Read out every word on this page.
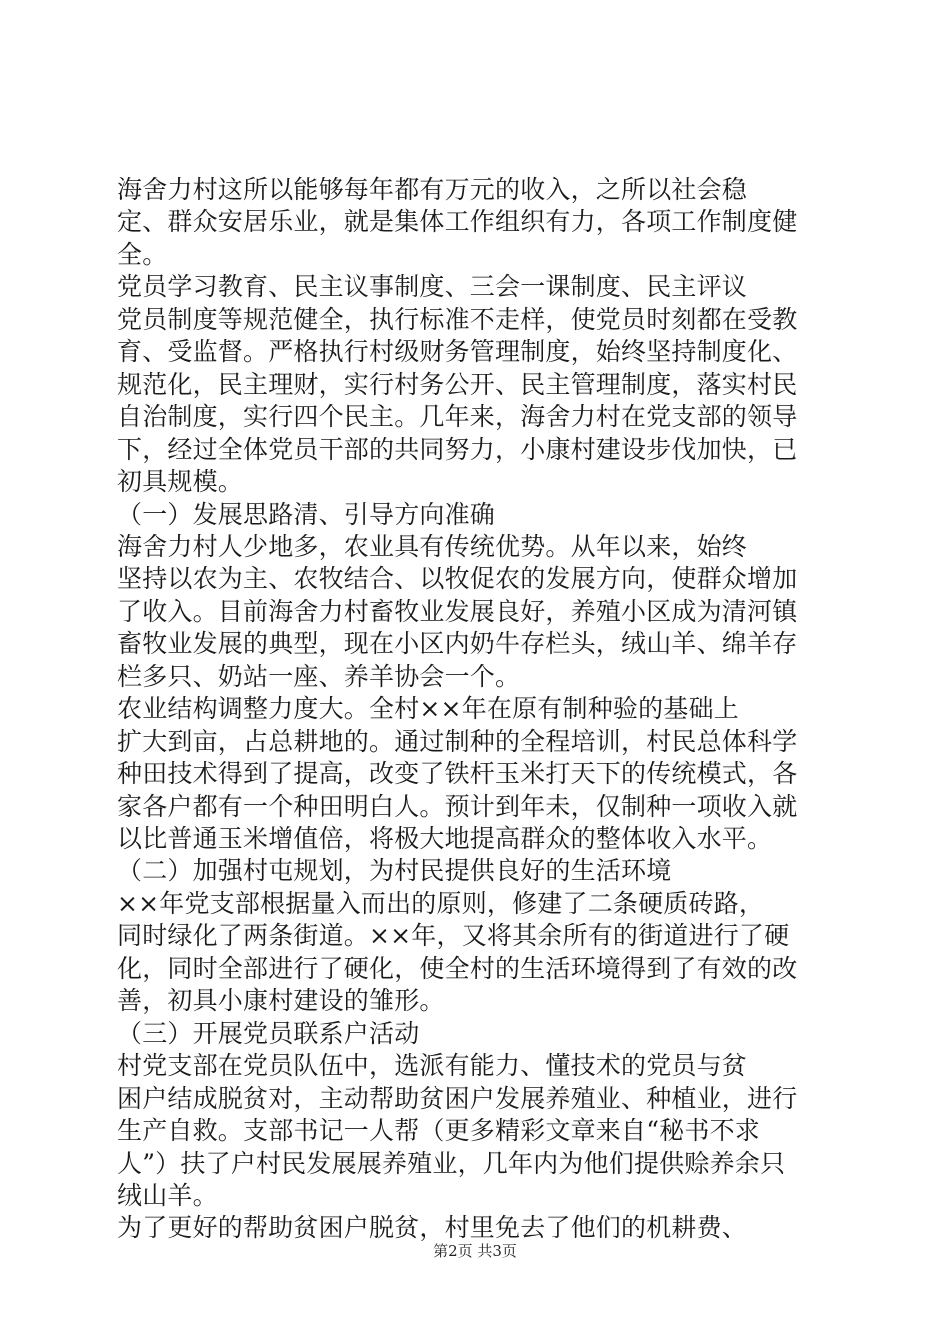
海舍力村这所以能够每年都有万元的收入，之所以社会稳

定、群众安居乐业，就是集体工作组织有力，各项工作制度健

全。

党员学习教育、民主议事制度、三会一课制度、民主评议

党员制度等规范健全，执行标准不走样，使党员时刻都在受教

育、受监督。严格执行村级财务管理制度，始终坚持制度化、

规范化，民主理财，实行村务公开、民主管理制度，落实村民

自治制度，实行四个民主。几年来，海舍力村在党支部的领导

下，经过全体党员干部的共同努力，小康村建设步伐加快，已

初具规模。

（一）发展思路清、引导方向准确

海舍力村人少地多，农业具有传统优势。从年以来，始终

坚持以农为主、农牧结合、以牧促农的发展方向，使群众增加

了收入。目前海舍力村畜牧业发展良好，养殖小区成为清河镇

畜牧业发展的典型，现在小区内奶牛存栏头，绒山羊、绵羊存

栏多只、奶站一座、养羊协会一个。

农业结构调整力度大。全村××年在原有制种验的基础上

扩大到亩，占总耕地的。通过制种的全程培训，村民总体科学

种田技术得到了提高，改变了铁杆玉米打天下的传统模式，各

家各户都有一个种田明白人。预计到年未，仅制种一项收入就

以比普通玉米增值倍，将极大地提高群众的整体收入水平。

（二）加强村屯规划，为村民提供良好的生活环境

××年党支部根据量入而出的原则，修建了二条硬质砖路，

同时绿化了两条街道。××年，又将其余所有的街道进行了硬

化，同时全部进行了硬化，使全村的生活环境得到了有效的改

善，初具小康村建设的雏形。

（三）开展党员联系户活动

村党支部在党员队伍中，选派有能力、懂技术的党员与贫

困户结成脱贫对，主动帮助贫困户发展养殖业、种植业，进行

生产自救。支部书记一人帮（更多精彩文章来自“秘书不求

人”）扶了户村民发展展养殖业，几年内为他们提供赊养余只

绒山羊。

为了更好的帮助贫困户脱贫，村里免去了他们的机耕费、

第2页 共3页
